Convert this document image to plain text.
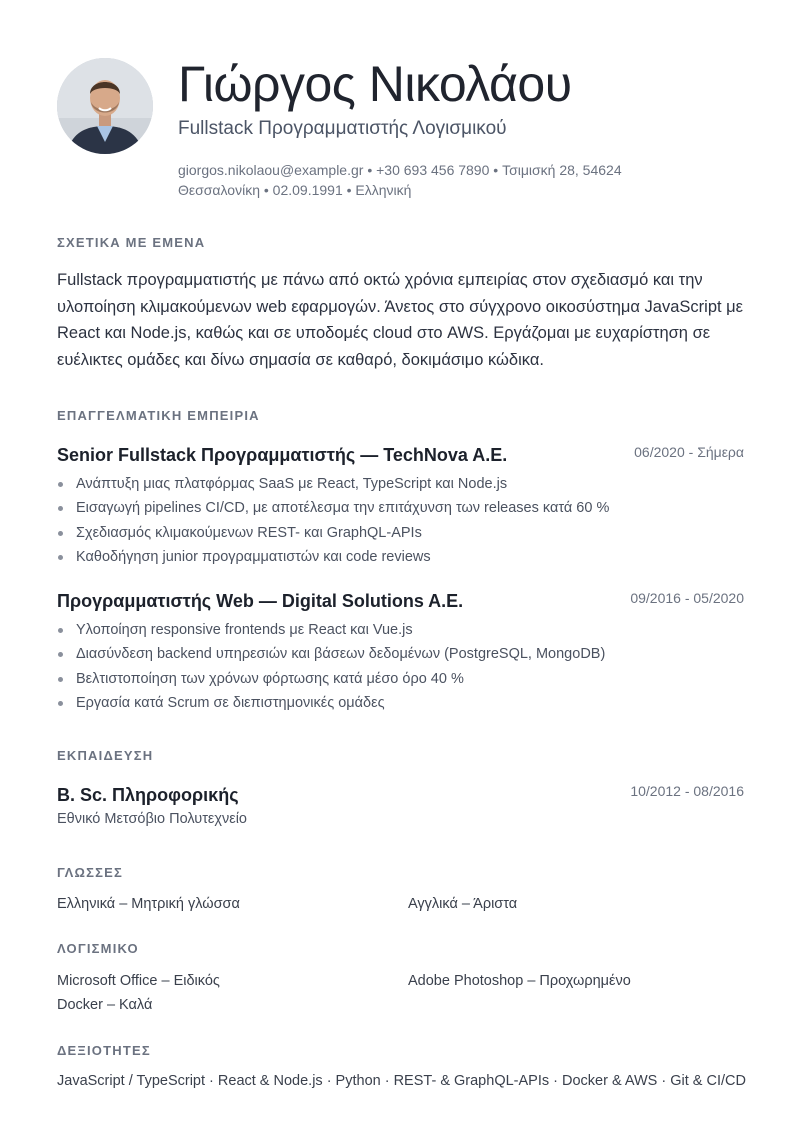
Γιώργος Νικολάου
Fullstack Προγραμματιστής Λογισμικού
giorgos.nikolaou@example.gr • +30 693 456 7890 • Τσιμισκή 28, 54624
Θεσσαλονίκη • 02.09.1991 • Ελληνική
ΣΧΕΤΙΚΑ ΜΕ ΕΜΕΝΑ
Fullstack προγραμματιστής με πάνω από οκτώ χρόνια εμπειρίας στον σχεδιασμό και την υλοποίηση κλιμακούμενων web εφαρμογών. Άνετος στο σύγχρονο οικοσύστημα JavaScript με React και Node.js, καθώς και σε υποδομές cloud στο AWS. Εργάζομαι με ευχαρίστηση σε ευέλικτες ομάδες και δίνω σημασία σε καθαρό, δοκιμάσιμο κώδικα.
ΕΠΑΓΓΕΛΜΑΤΙΚΗ ΕΜΠΕΙΡΙΑ
Senior Fullstack Προγραμματιστής — TechNova A.E.	06/2020 - Σήμερα
Ανάπτυξη μιας πλατφόρμας SaaS με React, TypeScript και Node.js
Εισαγωγή pipelines CI/CD, με αποτέλεσμα την επιτάχυνση των releases κατά 60 %
Σχεδιασμός κλιμακούμενων REST- και GraphQL-APIs
Καθοδήγηση junior προγραμματιστών και code reviews
Προγραμματιστής Web — Digital Solutions A.E.	09/2016 - 05/2020
Υλοποίηση responsive frontends με React και Vue.js
Διασύνδεση backend υπηρεσιών και βάσεων δεδομένων (PostgreSQL, MongoDB)
Βελτιστοποίηση των χρόνων φόρτωσης κατά μέσο όρο 40 %
Εργασία κατά Scrum σε διεπιστημονικές ομάδες
ΕΚΠΑΙΔΕΥΣΗ
B. Sc. Πληροφορικής	10/2012 - 08/2016
Εθνικό Μετσόβιο Πολυτεχνείο
ΓΛΩΣΣΕΣ
Ελληνικά – Μητρική γλώσσα	Αγγλικά – Άριστα
ΛΟΓΙΣΜΙΚΟ
Microsoft Office – Ειδικός	Adobe Photoshop – Προχωρημένο
Docker – Καλά
ΔΕΞΙΟΤΗΤΕΣ
JavaScript / TypeScript · React & Node.js · Python · REST- & GraphQL-APIs · Docker & AWS · Git & CI/CD
